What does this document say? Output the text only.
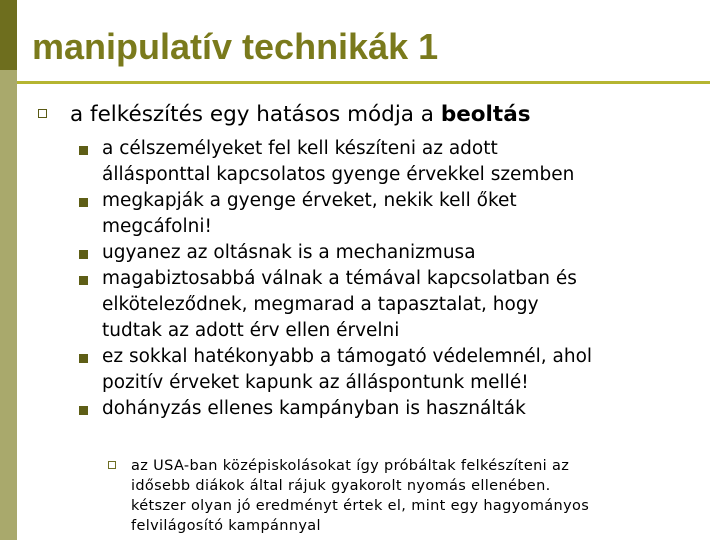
manipulatív technikák 1
a felkészítés egy hatásos módja a beoltás
a célszemélyeket fel kell készíteni az adott
állásponttal kapcsolatos gyenge érvekkel szemben
megkapják a gyenge érveket, nekik kell őket
megcáfolni!
ugyanez az oltásnak is a mechanizmusa
magabiztosabbá válnak a témával kapcsolatban és
elköteleződnek, megmarad a tapasztalat, hogy
tudtak az adott érv ellen érvelni
ez sokkal hatékonyabb a támogató védelemnél, ahol
pozitív érveket kapunk az álláspontunk mellé!
dohányzás ellenes kampányban is használták
az USA-ban középiskolásokat így próbáltak felkészíteni az
idősebb diákok által rájuk gyakorolt nyomás ellenében.
kétszer olyan jó eredményt értek el, mint egy hagyományos
felvilágosító kampánnyal
